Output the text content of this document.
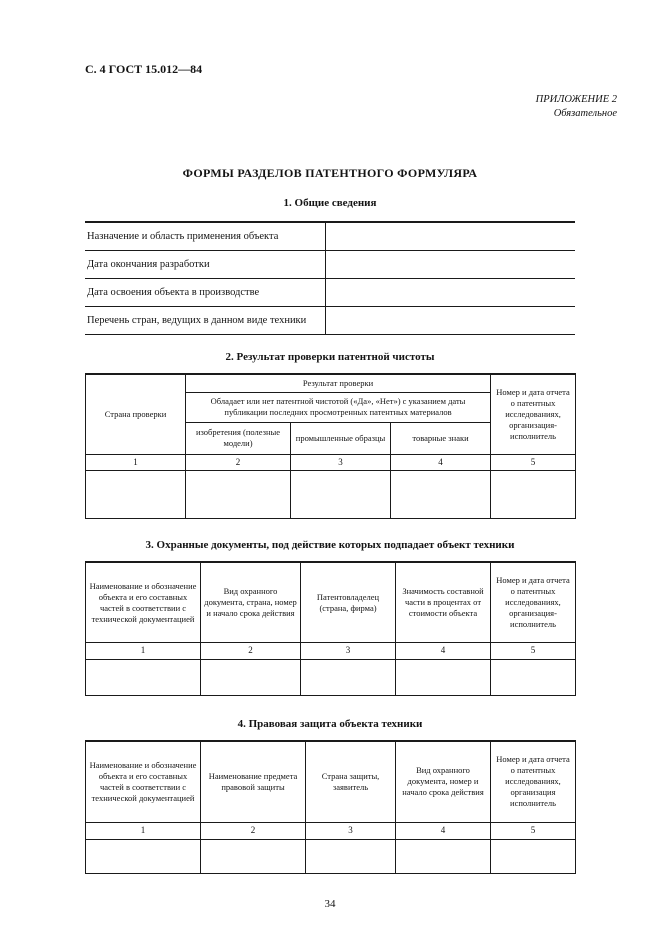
С. 4 ГОСТ 15.012—84
ПРИЛОЖЕНИЕ 2
Обязательное
ФОРМЫ РАЗДЕЛОВ ПАТЕНТНОГО ФОРМУЛЯРА
1. Общие сведения
Назначение и область применения объекта	
Дата окончания разработки	
Дата освоения объекта в производстве	
Перечень стран, ведущих в данном виде техники	
2. Результат проверки патентной чистоты
Страна проверки	Результат проверки			Номер и дата отчета о патентных исследованиях, организация-исполнитель
	Обладает или нет патентной чистотой («Да», «Нет») с указанием даты публикации последних просмотренных патентных материалов			
	изобретения (полезные модели)	промышленные образцы	товарные знаки	
1	2	3	4	5

3. Охранные документы, под действие которых подпадает объект техники
Наименование и обозначение объекта и его составных частей в соответствии с технической документацией	Вид охранного документа, страна, номер и начало срока действия	Патентовладелец (страна, фирма)	Значимость составной части в процентах от стоимости объекта	Номер и дата отчета о патентных исследованиях, организация-исполнитель
1	2	3	4	5

4. Правовая защита объекта техники
Наименование и обозначение объекта и его составных частей в соответствии с технической документацией	Наименование предмета правовой защиты	Страна защиты, заявитель	Вид охранного документа, номер и начало срока действия	Номер и дата отчета о патентных исследованиях, организация исполнитель
1	2	3	4	5

34
